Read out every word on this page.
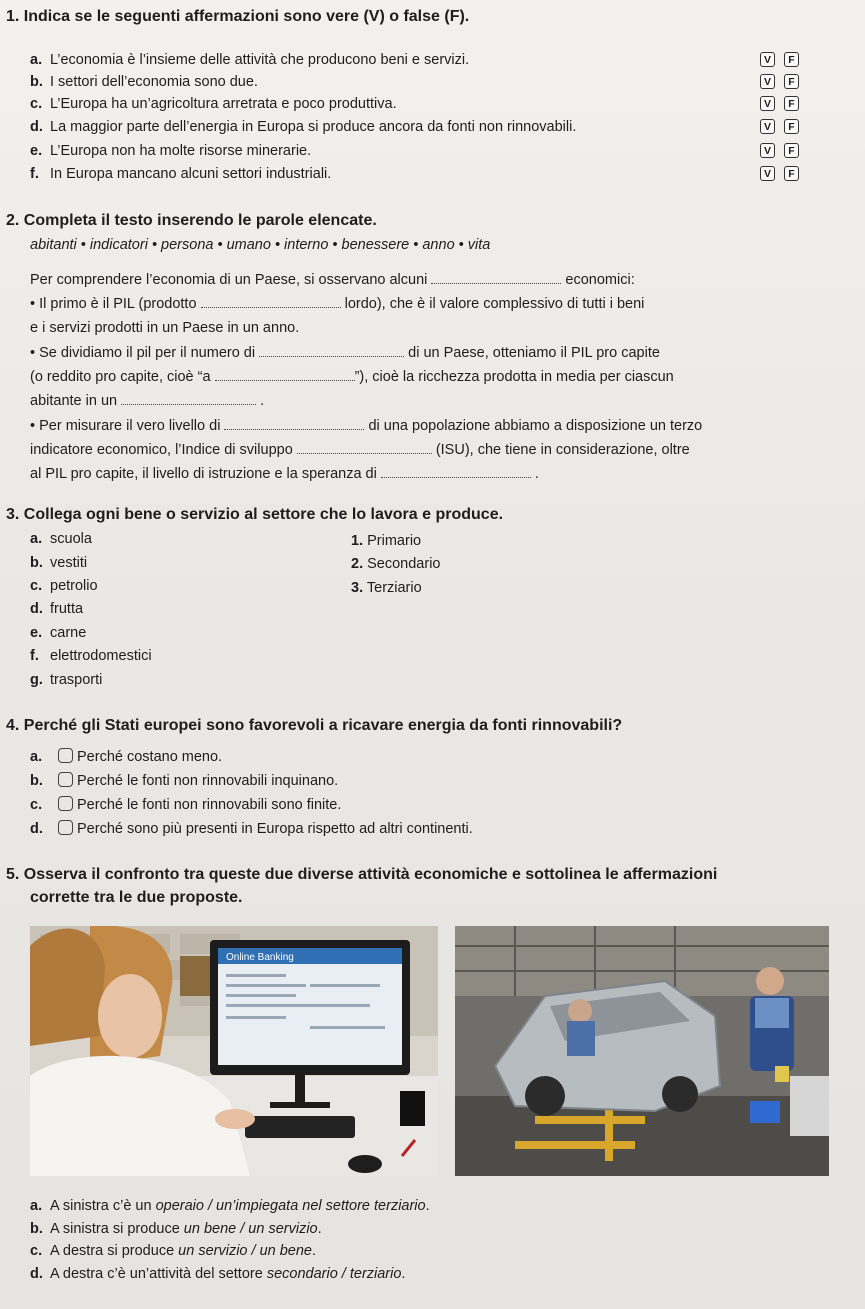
1. Indica se le seguenti affermazioni sono vere (V) o false (F).
a. L’economia è l’insieme delle attività che producono beni e servizi.	V	F
b. I settori dell’economia sono due.	V	F
c. L’Europa ha un’agricoltura arretrata e poco produttiva.	V	F
d. La maggior parte dell’energia in Europa si produce ancora da fonti non rinnovabili.	V	F
e. L’Europa non ha molte risorse minerarie.	V	F
f. In Europa mancano alcuni settori industriali.	V	F
2. Completa il testo inserendo le parole elencate.
abitanti • indicatori • persona • umano • interno • benessere • anno • vita
Per comprendere l’economia di un Paese, si osservano alcuni	economici:
• Il primo è il PIL (prodotto	lordo), che è il valore complessivo di tutti i beni
e i servizi prodotti in un Paese in un anno.
• Se dividiamo il pil per il numero di	di un Paese, otteniamo il PIL pro capite
(o reddito pro capite, cioè “a	”), cioè la ricchezza prodotta in media per ciascun
abitante in un	.
• Per misurare il vero livello di	di una popolazione abbiamo a disposizione un terzo
indicatore economico, l’Indice di sviluppo	(ISU), che tiene in considerazione, oltre
al PIL pro capite, il livello di istruzione e la speranza di	.
3. Collega ogni bene o servizio al settore che lo lavora e produce.
a. scuola
b. vestiti
c. petrolio
d. frutta
e. carne
f. elettrodomestici
g. trasporti
1. Primario
2. Secondario
3. Terziario
4. Perché gli Stati europei sono favorevoli a ricavare energia da fonti rinnovabili?
a. Perché costano meno.
b. Perché le fonti non rinnovabili inquinano.
c. Perché le fonti non rinnovabili sono finite.
d. Perché sono più presenti in Europa rispetto ad altri continenti.
5. Osserva il confronto tra queste due diverse attività economiche e sottolinea le affermazioni
corrette tra le due proposte.
Online Banking
a. A sinistra c’è un operaio / un’impiegata nel settore terziario.
b. A sinistra si produce un bene / un servizio.
c. A destra si produce un servizio / un bene.
d. A destra c’è un’attività del settore secondario / terziario.
